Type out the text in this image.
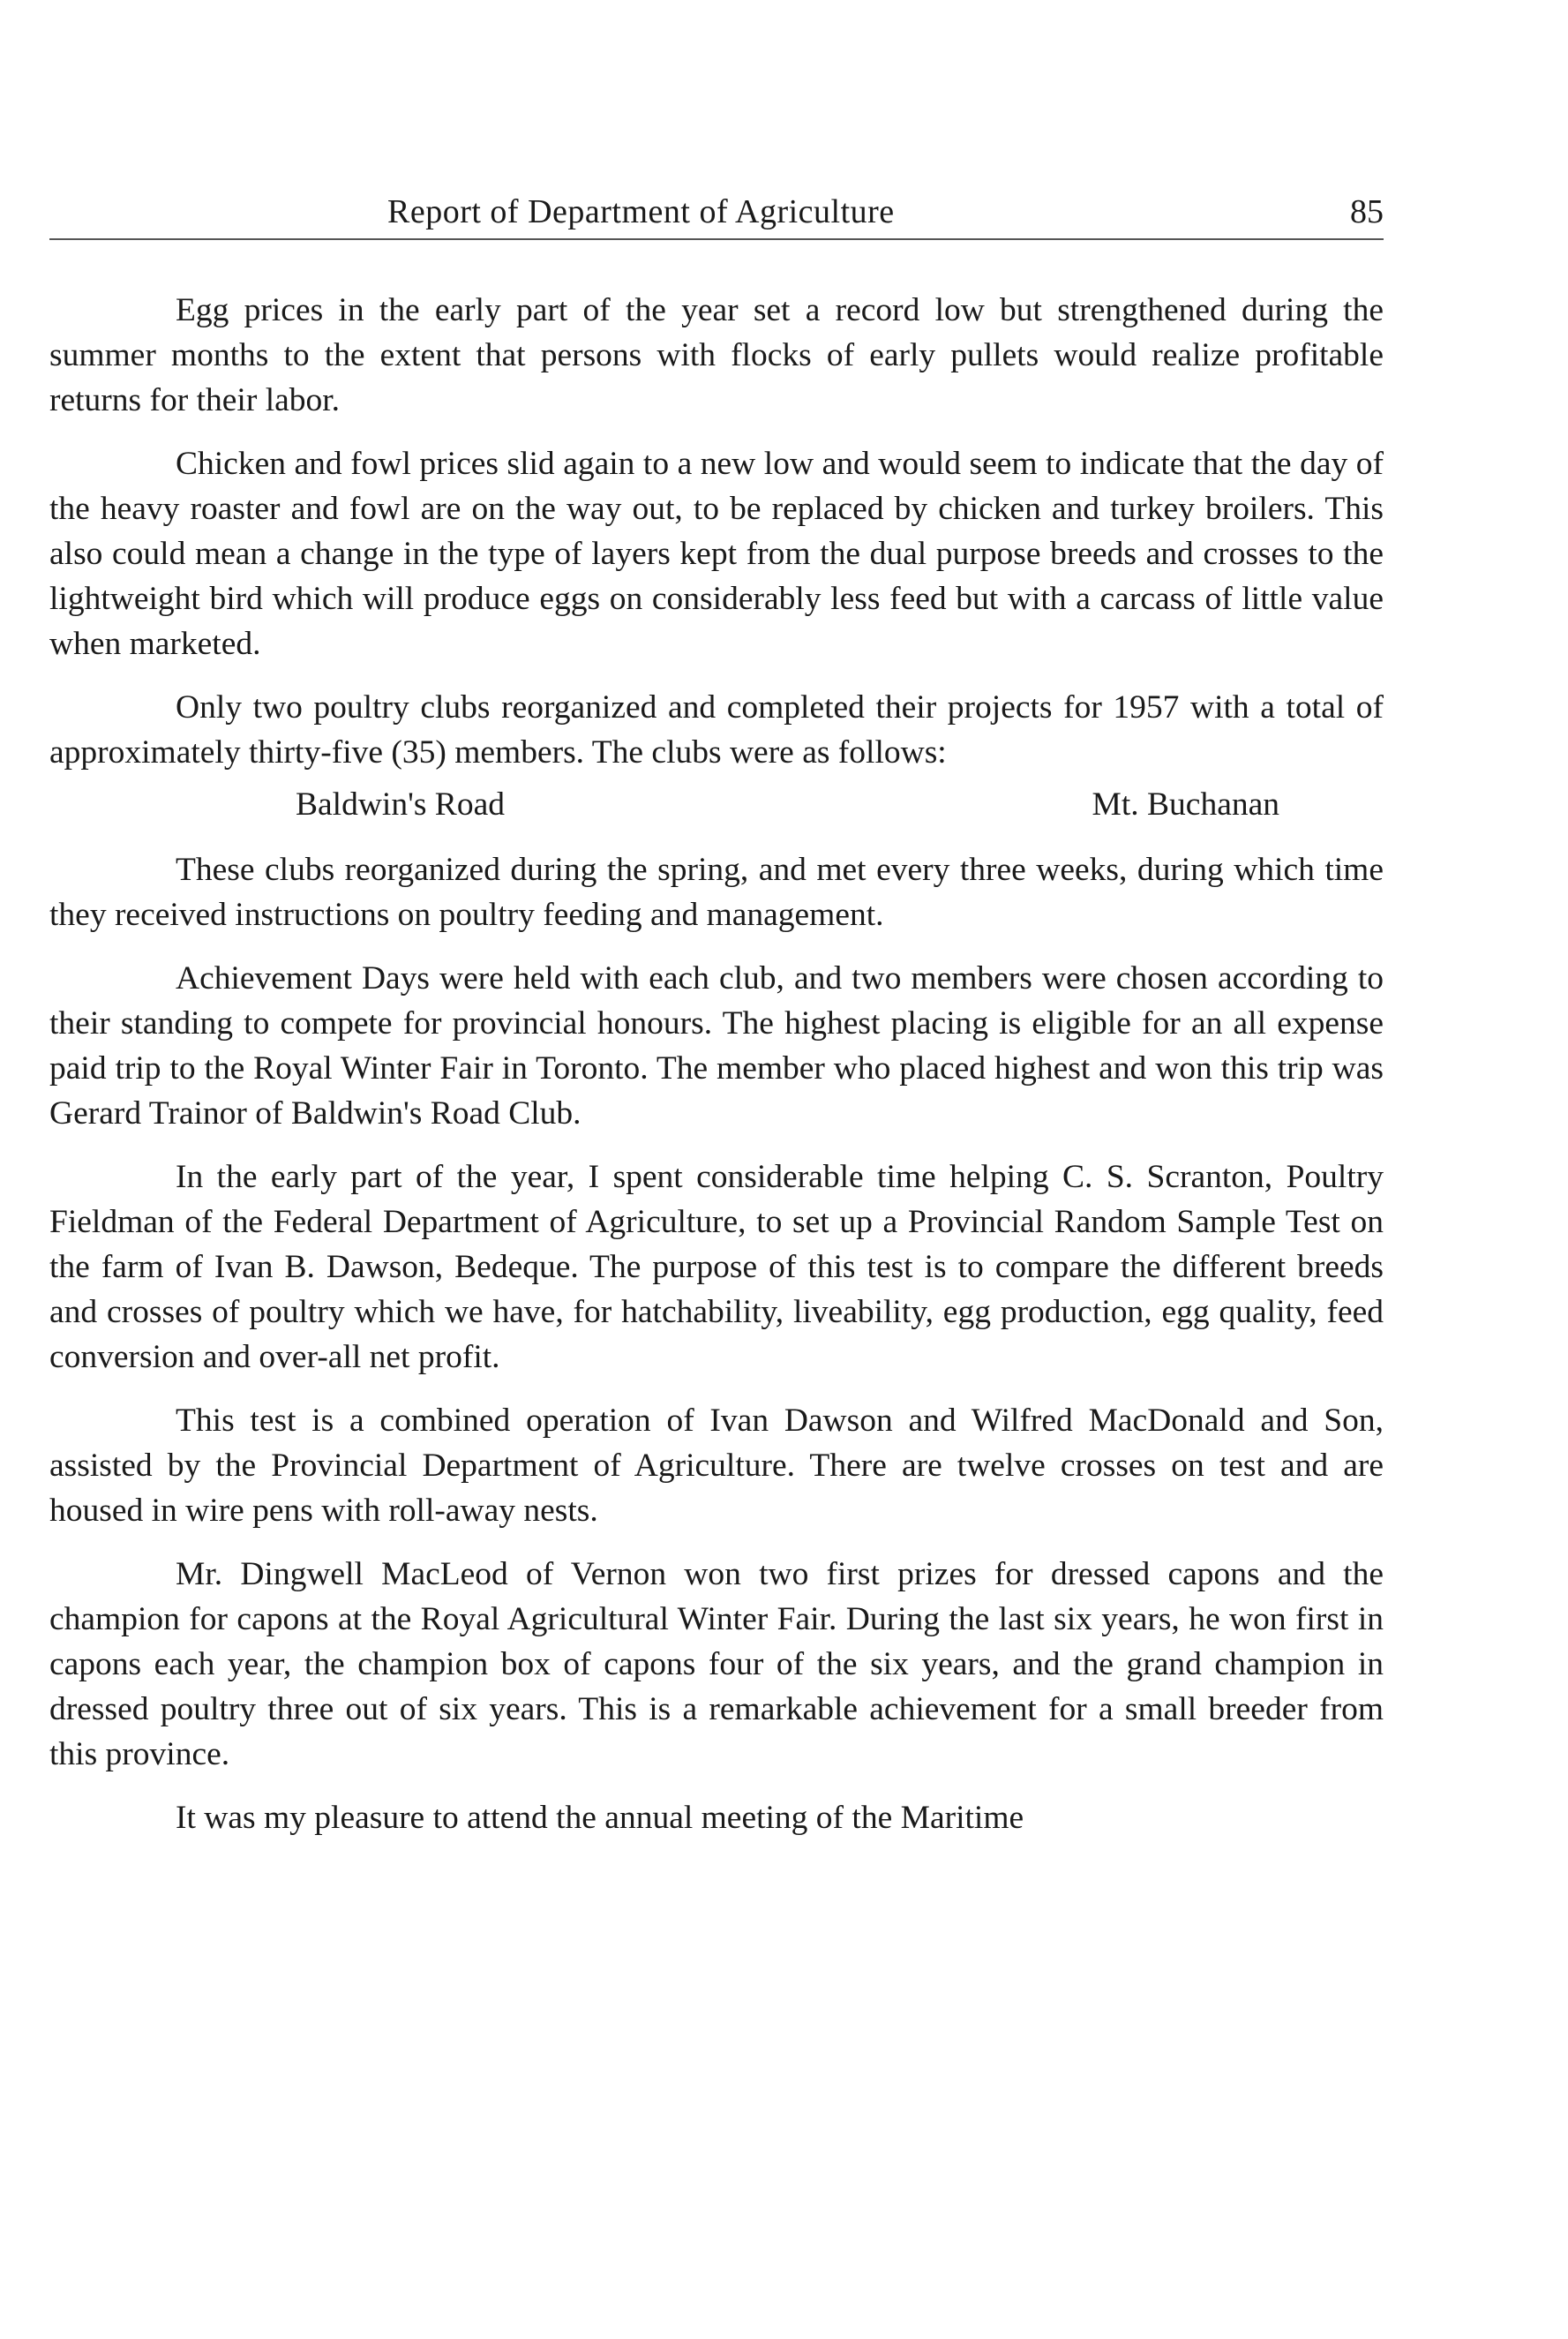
Report of Department of Agriculture	85

Egg prices in the early part of the year set a record low but strengthened during the summer months to the extent that persons with flocks of early pullets would realize profitable returns for their labor.

Chicken and fowl prices slid again to a new low and would seem to indicate that the day of the heavy roaster and fowl are on the way out, to be replaced by chicken and turkey broilers. This also could mean a change in the type of layers kept from the dual purpose breeds and crosses to the lightweight bird which will produce eggs on considerably less feed but with a carcass of little value when marketed.

Only two poultry clubs reorganized and completed their projects for 1957 with a total of approximately thirty-five (35) members. The clubs were as follows:

Baldwin's Road	Mt. Buchanan

These clubs reorganized during the spring, and met every three weeks, during which time they received instructions on poultry feeding and management.

Achievement Days were held with each club, and two members were chosen according to their standing to compete for provincial honours. The highest placing is eligible for an all expense paid trip to the Royal Winter Fair in Toronto. The member who placed highest and won this trip was Gerard Trainor of Baldwin's Road Club.

In the early part of the year, I spent considerable time helping C. S. Scranton, Poultry Fieldman of the Federal Department of Agriculture, to set up a Provincial Random Sample Test on the farm of Ivan B. Dawson, Bedeque. The purpose of this test is to compare the different breeds and crosses of poultry which we have, for hatchability, liveability, egg production, egg quality, feed conversion and over-all net profit.

This test is a combined operation of Ivan Dawson and Wilfred MacDonald and Son, assisted by the Provincial Department of Agriculture. There are twelve crosses on test and are housed in wire pens with roll-away nests.

Mr. Dingwell MacLeod of Vernon won two first prizes for dressed capons and the champion for capons at the Royal Agricultural Winter Fair. During the last six years, he won first in capons each year, the champion box of capons four of the six years, and the grand champion in dressed poultry three out of six years. This is a remarkable achievement for a small breeder from this province.

It was my pleasure to attend the annual meeting of the Maritime
